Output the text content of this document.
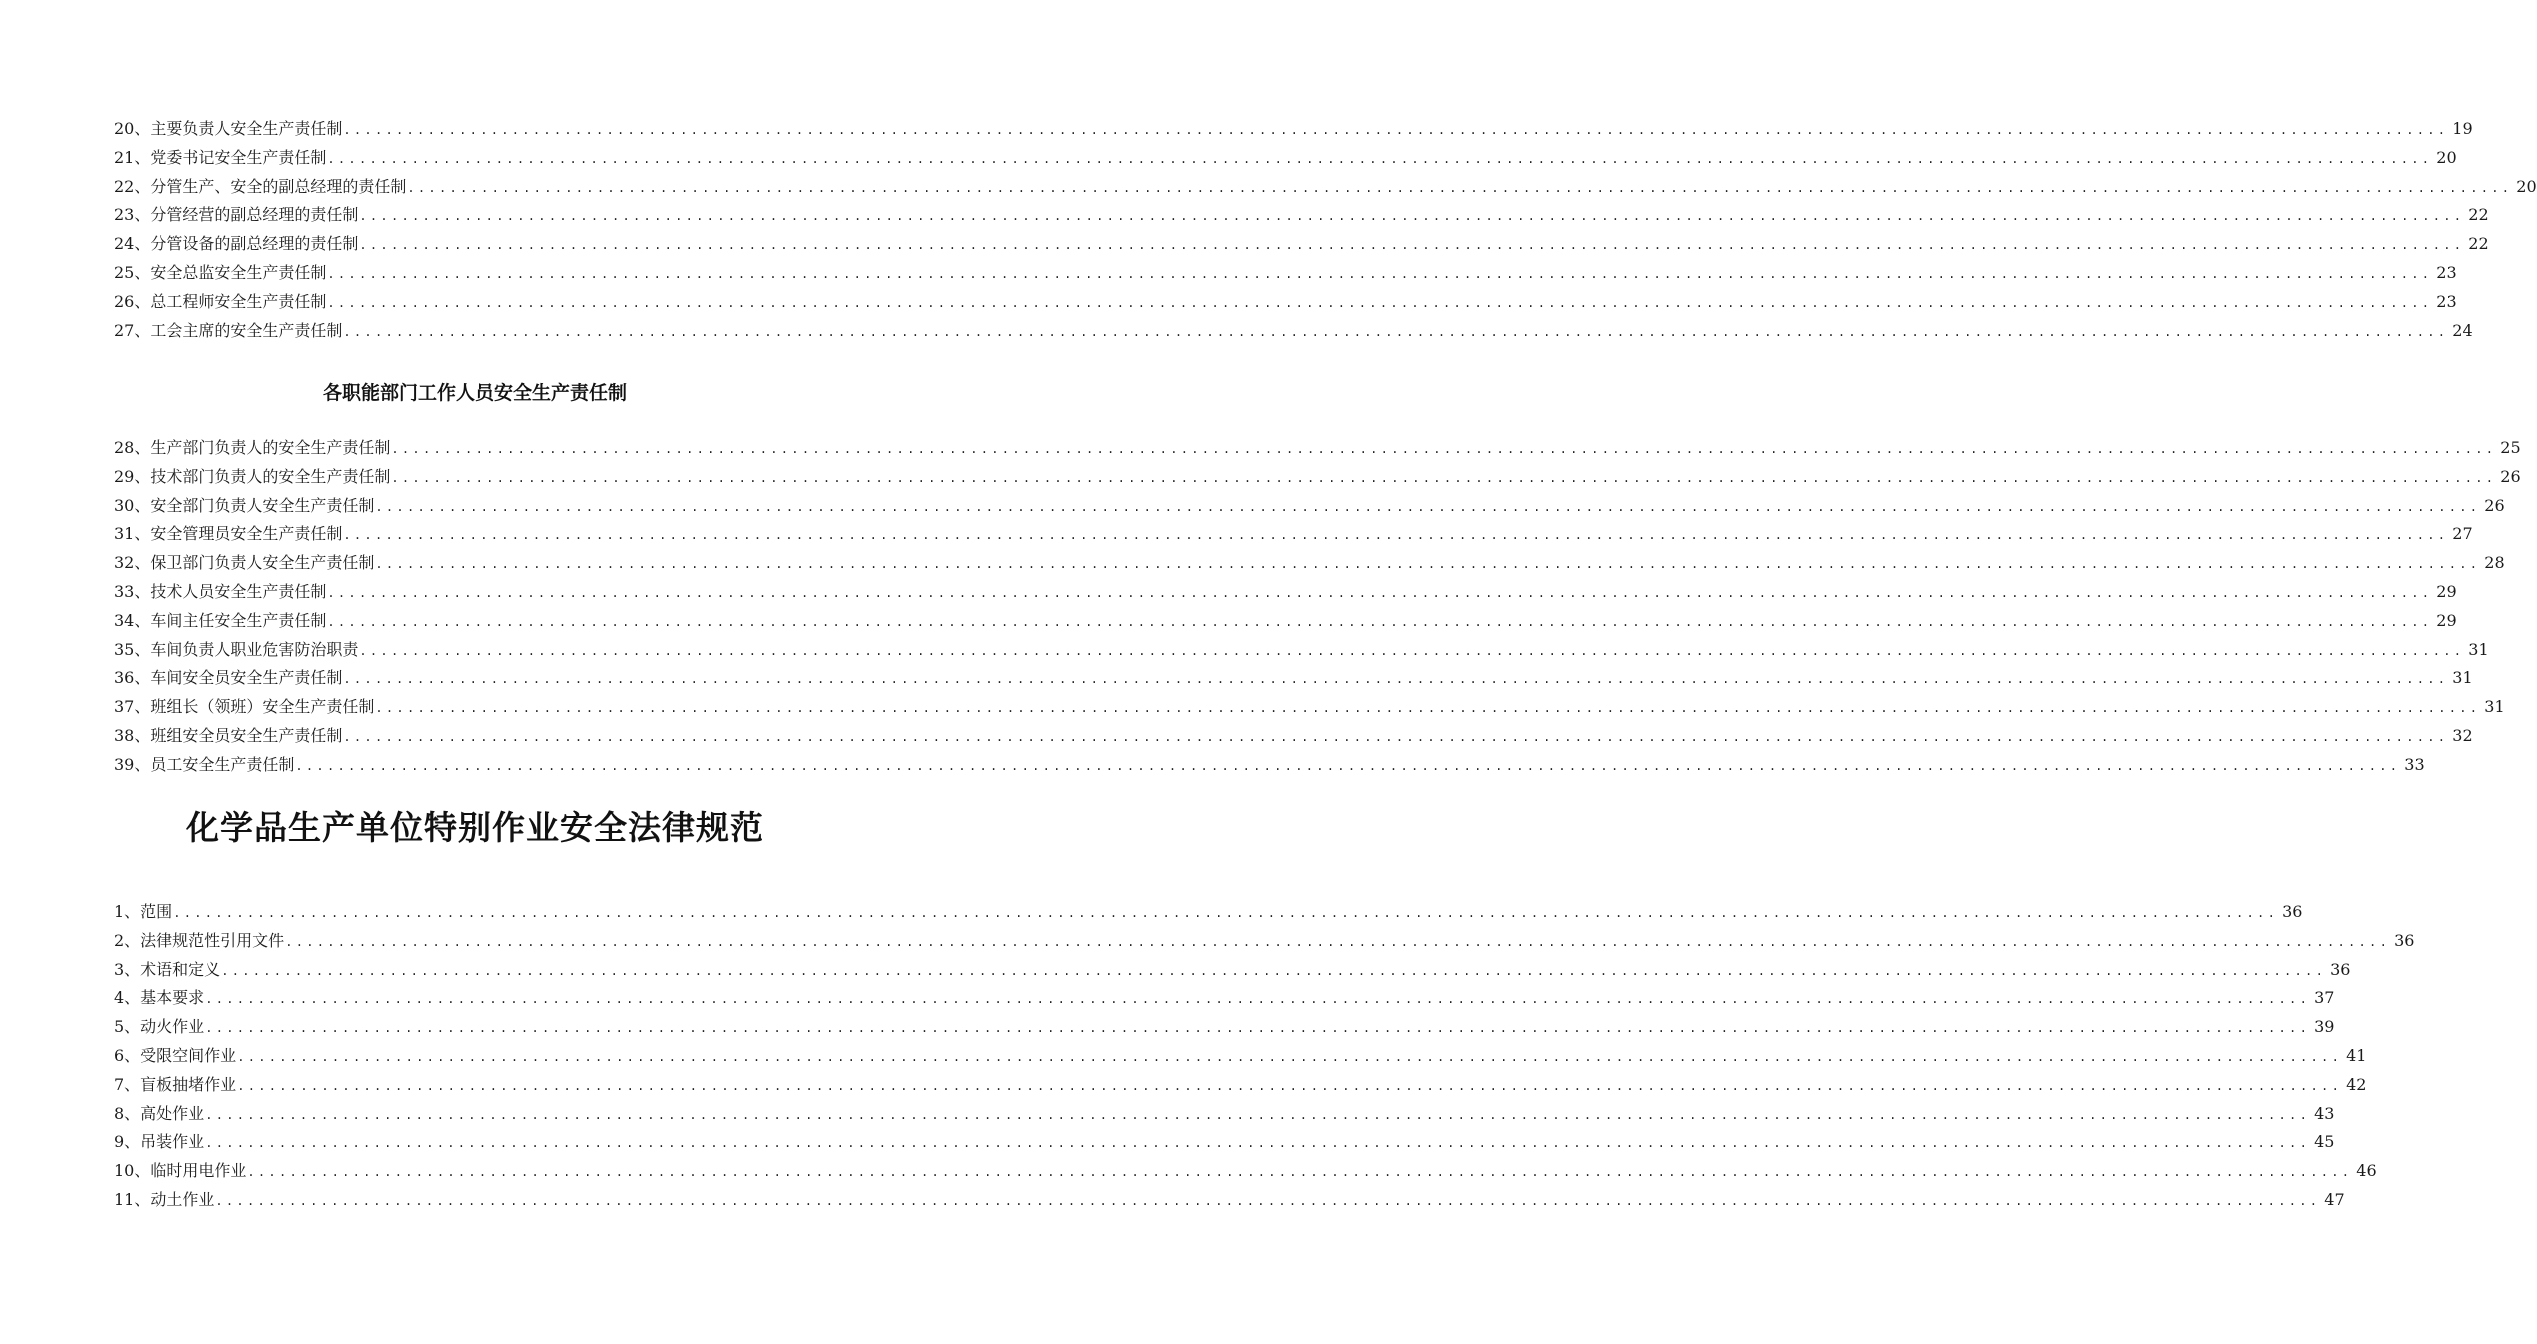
20、主要负责人安全生产责任制 ........................................................................................................................................................................................................ 19
21、党委书记安全生产责任制 ........................................................................................................................................................................................................ 20
22、分管生产、安全的副总经理的责任制 ........................................................................................................................................................................................................ 20
23、分管经营的副总经理的责任制 ........................................................................................................................................................................................................ 22
24、分管设备的副总经理的责任制 ........................................................................................................................................................................................................ 22
25、安全总监安全生产责任制 ........................................................................................................................................................................................................ 23
26、总工程师安全生产责任制 ........................................................................................................................................................................................................ 23
27、工会主席的安全生产责任制 ........................................................................................................................................................................................................ 24
各职能部门工作人员安全生产责任制
28、生产部门负责人的安全生产责任制 ........................................................................................................................................................................................................ 25
29、技术部门负责人的安全生产责任制 ........................................................................................................................................................................................................ 26
30、安全部门负责人安全生产责任制 ........................................................................................................................................................................................................ 26
31、安全管理员安全生产责任制 ........................................................................................................................................................................................................ 27
32、保卫部门负责人安全生产责任制 ........................................................................................................................................................................................................ 28
33、技术人员安全生产责任制 ........................................................................................................................................................................................................ 29
34、车间主任安全生产责任制 ........................................................................................................................................................................................................ 29
35、车间负责人职业危害防治职责 ........................................................................................................................................................................................................ 31
36、车间安全员安全生产责任制 ........................................................................................................................................................................................................ 31
37、班组长（领班）安全生产责任制 ........................................................................................................................................................................................................ 31
38、班组安全员安全生产责任制 ........................................................................................................................................................................................................ 32
39、员工安全生产责任制 ........................................................................................................................................................................................................ 33
化学品生产单位特别作业安全法律规范
1、范围 ........................................................................................................................................................................................................ 36
2、法律规范性引用文件 ........................................................................................................................................................................................................ 36
3、术语和定义 ........................................................................................................................................................................................................ 36
4、基本要求 ........................................................................................................................................................................................................ 37
5、动火作业 ........................................................................................................................................................................................................ 39
6、受限空间作业 ........................................................................................................................................................................................................ 41
7、盲板抽堵作业 ........................................................................................................................................................................................................ 42
8、高处作业 ........................................................................................................................................................................................................ 43
9、吊装作业 ........................................................................................................................................................................................................ 45
10、临时用电作业 ........................................................................................................................................................................................................ 46
11、动土作业 ........................................................................................................................................................................................................ 47
